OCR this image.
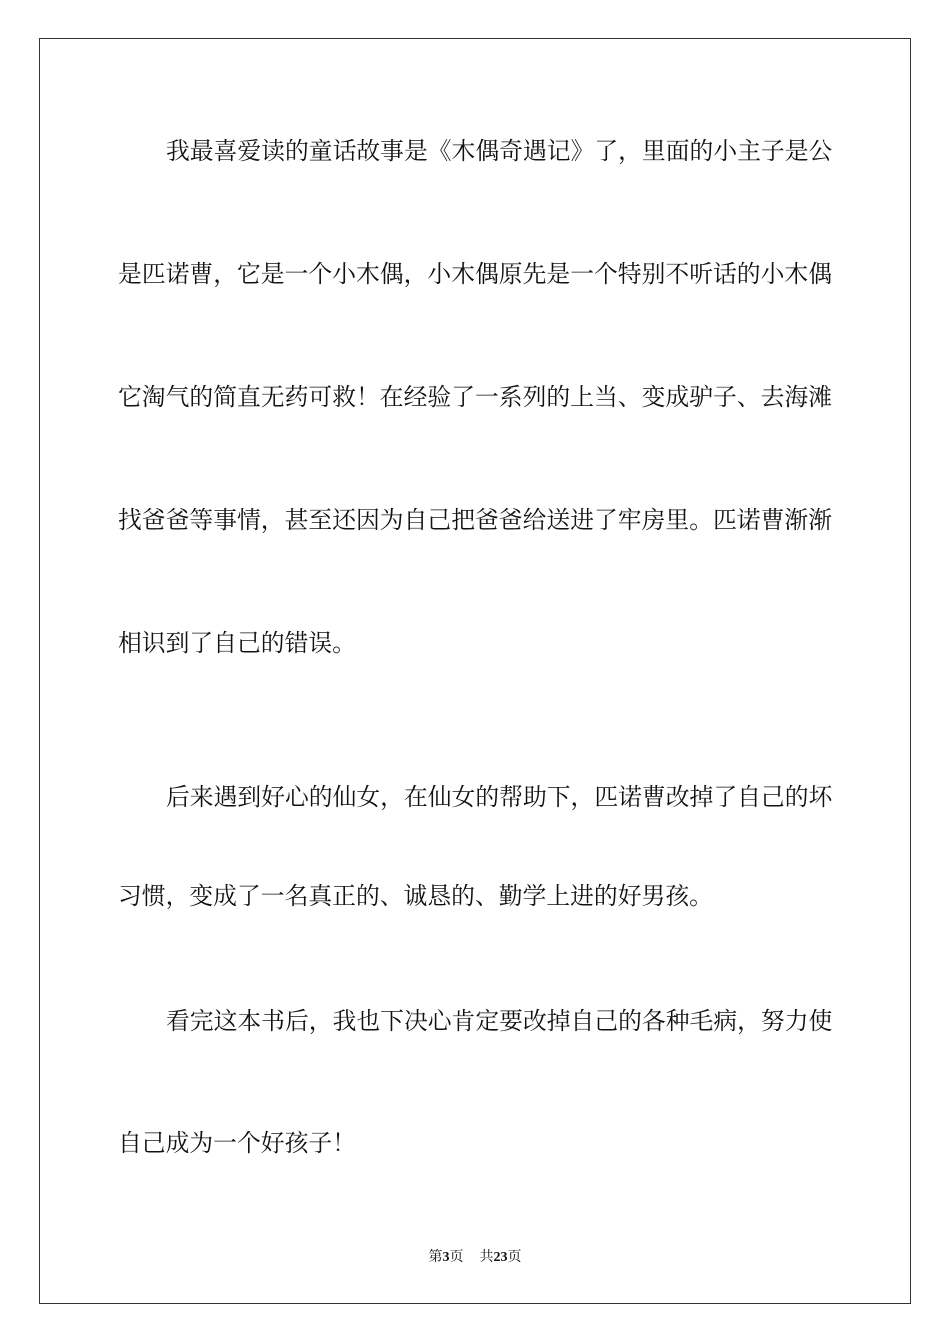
我最喜爱读的童话故事是《木偶奇遇记》了，里面的小主子是公
是匹诺曹，它是一个小木偶，小木偶原先是一个特别不听话的小木偶
它淘气的简直无药可救！在经验了一系列的上当、变成驴子、去海滩
找爸爸等事情，甚至还因为自己把爸爸给送进了牢房里。匹诺曹渐渐
相识到了自己的错误。
后来遇到好心的仙女，在仙女的帮助下，匹诺曹改掉了自己的坏
习惯，变成了一名真正的、诚恳的、勤学上进的好男孩。
看完这本书后，我也下决心肯定要改掉自己的各种毛病，努力使
自己成为一个好孩子！
第3页 共23页
